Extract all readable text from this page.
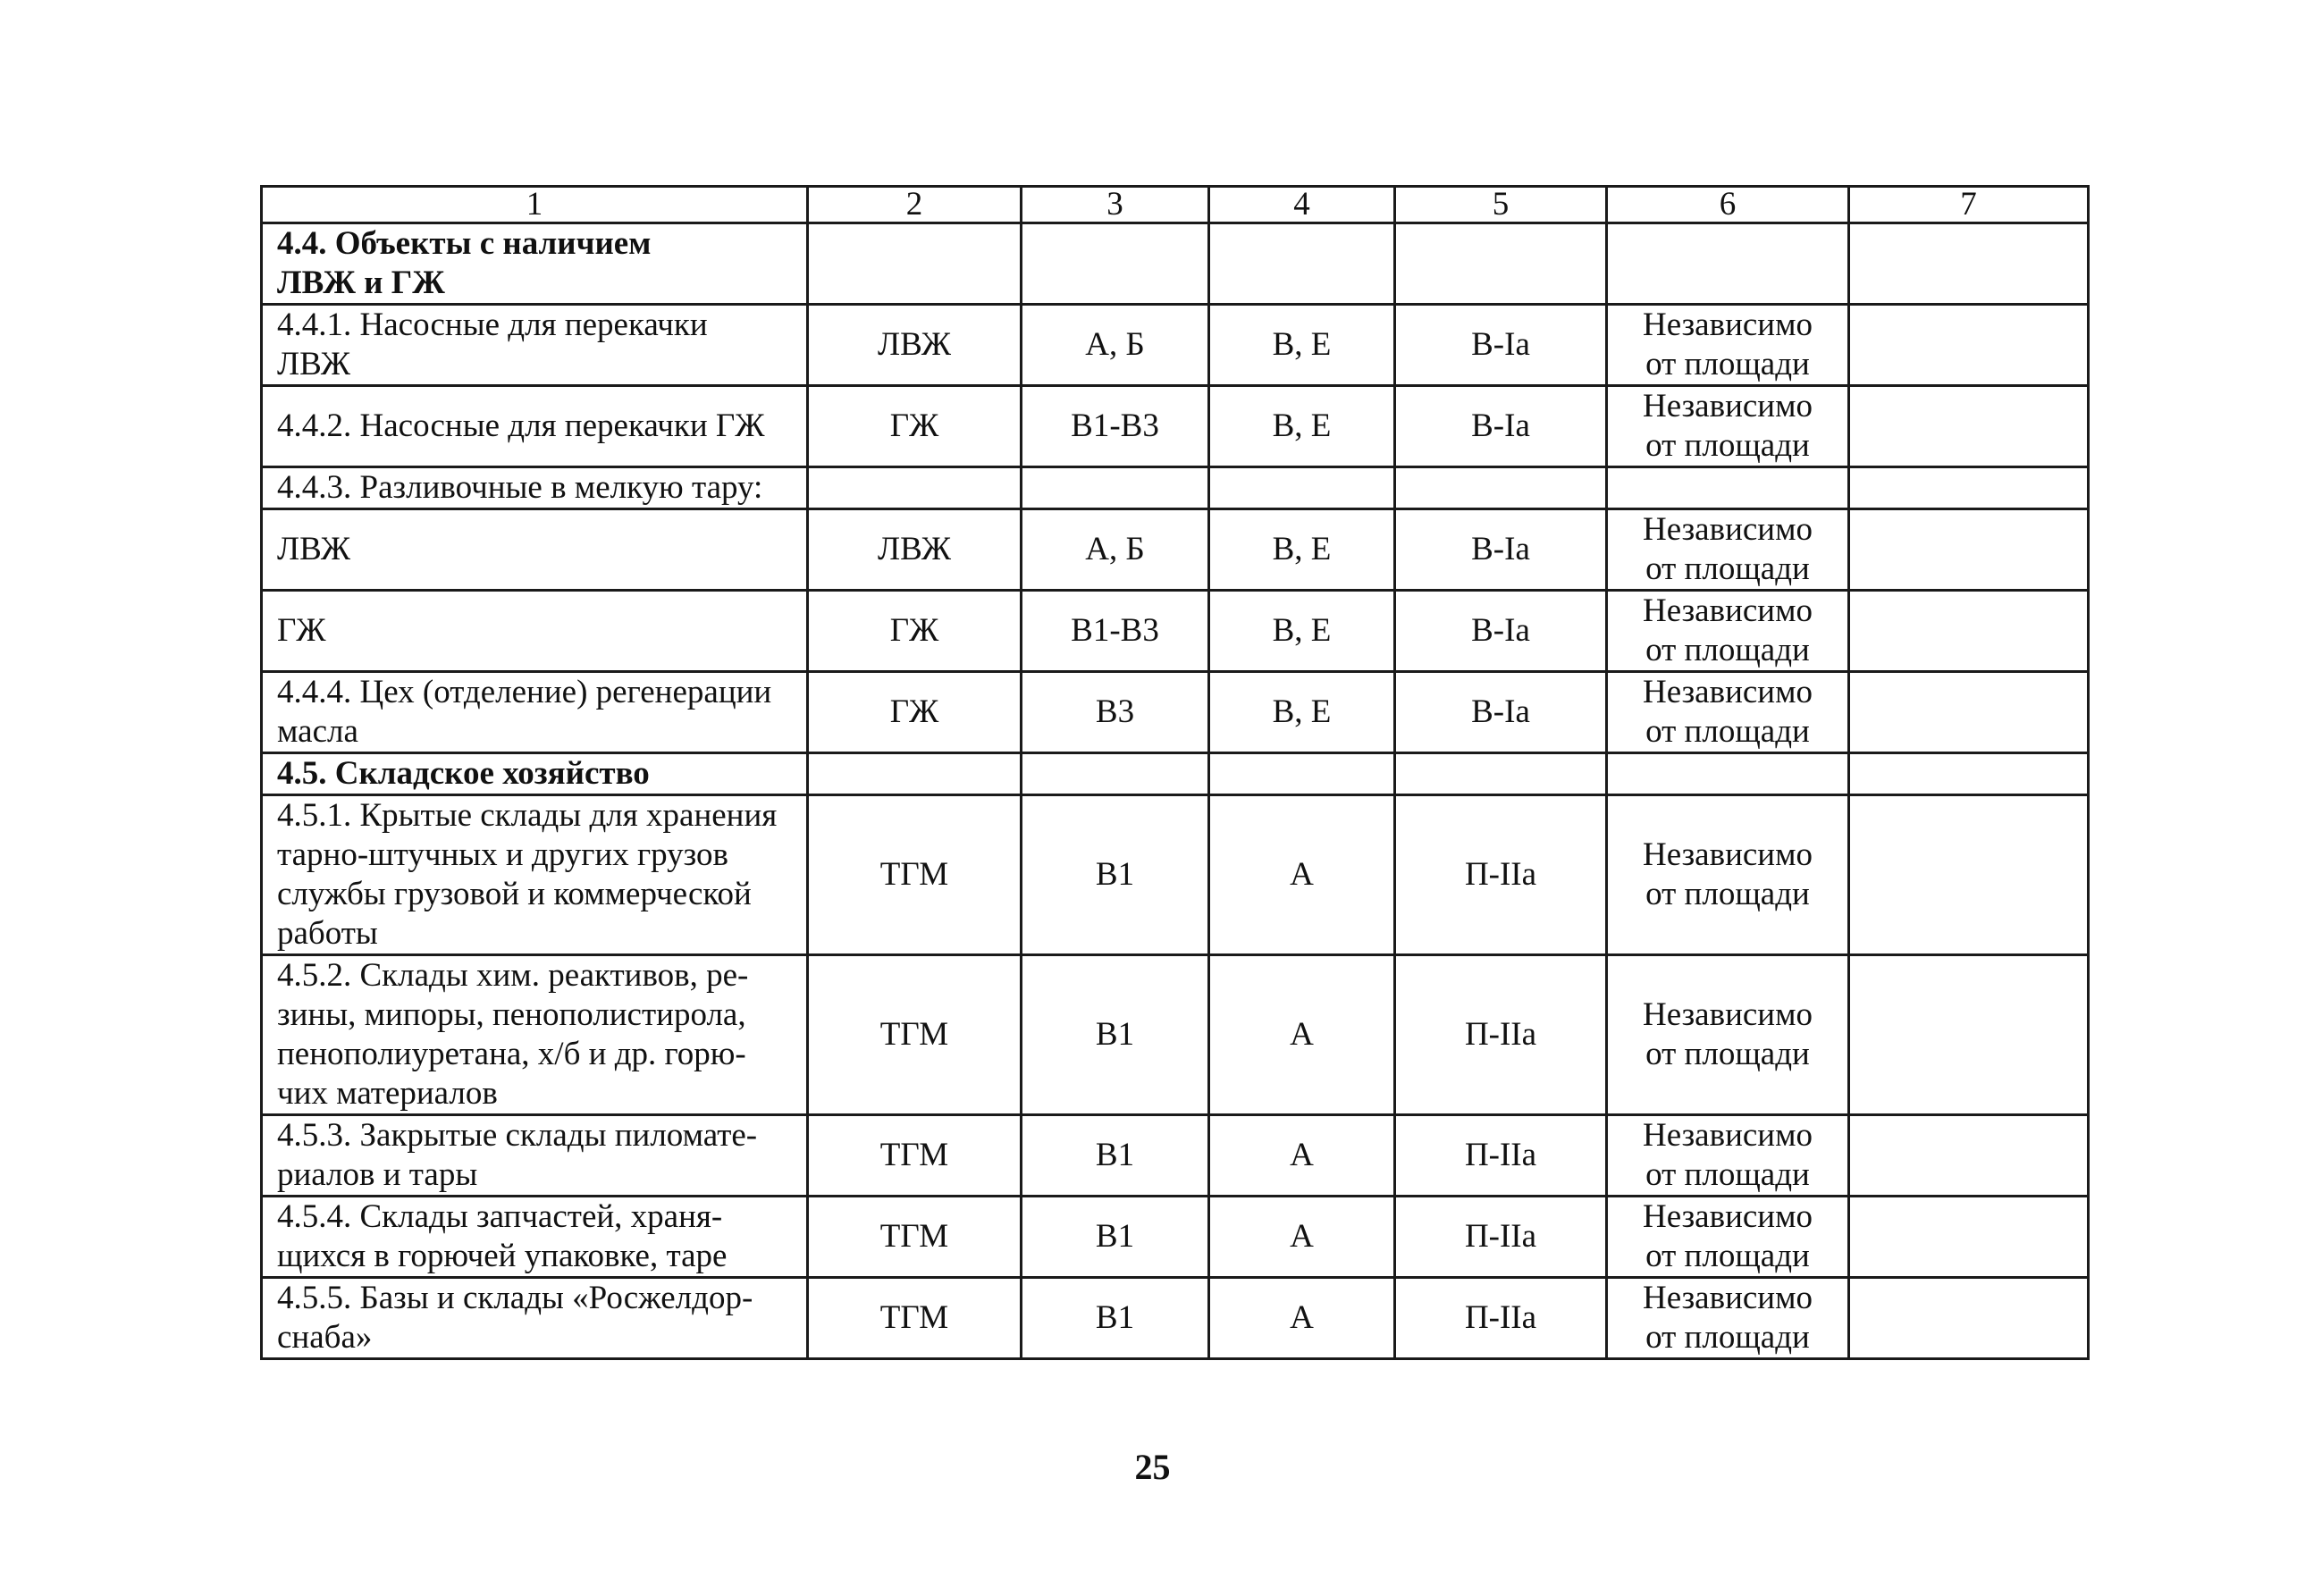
1	2	3	4	5	6	7
4.4. Объекты с наличием
ЛВЖ и ГЖ						
4.4.1. Насосные для перекачки
ЛВЖ	ЛВЖ	А, Б	В, Е	В-Iа	Независимо
от площади	
4.4.2. Насосные для перекачки ГЖ	ГЖ	В1-В3	В, Е	В-Iа	Независимо
от площади	
4.4.3. Разливочные в мелкую тару:						
ЛВЖ	ЛВЖ	А, Б	В, Е	В-Iа	Независимо
от площади	
ГЖ	ГЖ	В1-В3	В, Е	В-Iа	Независимо
от площади	
4.4.4. Цех (отделение) регенерации
масла	ГЖ	В3	В, Е	В-Iа	Независимо
от площади	
4.5. Складское хозяйство						
4.5.1. Крытые склады для хранения
тарно-штучных и других грузов
службы грузовой и коммерческой
работы	ТГМ	В1	А	П-IIа	Независимо
от площади	
4.5.2. Склады хим. реактивов, ре-
зины, мипоры, пенополистирола,
пенополиуретана, х/б и др. горю-
чих материалов	ТГМ	В1	А	П-IIа	Независимо
от площади	
4.5.3. Закрытые склады пиломате-
риалов и тары	ТГМ	В1	А	П-IIа	Независимо
от площади	
4.5.4. Склады запчастей, храня-
щихся в горючей упаковке, таре	ТГМ	В1	А	П-IIа	Независимо
от площади	
4.5.5. Базы и склады «Росжелдор-
снаба»	ТГМ	В1	А	П-IIа	Независимо
от площади	
25
